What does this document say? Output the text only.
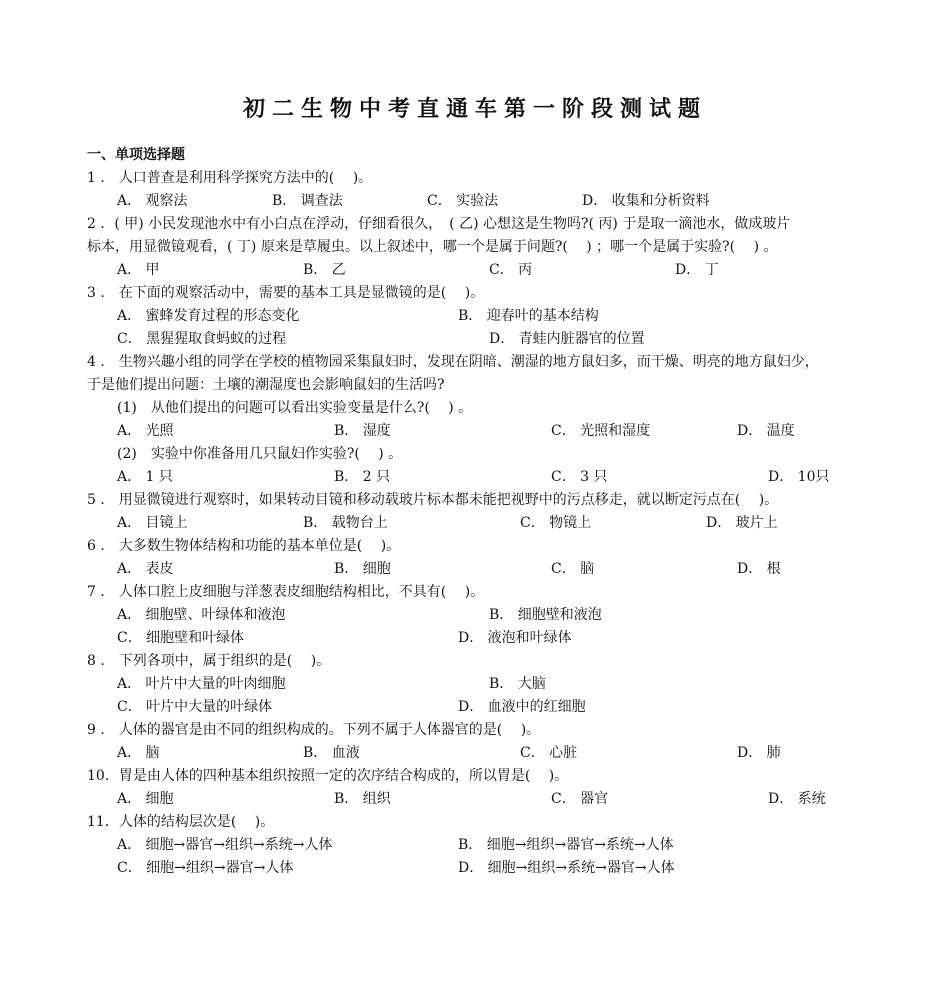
初二生物中考直通车第一阶段测试题
一、单项选择题
1 ． 人口普查是利用科学探究方法中的(　 )。
A． 观察法	B． 调查法	C． 实验法	D． 收集和分析资料
2 ．( 甲) 小民发现池水中有小白点在浮动，仔细看很久，　( 乙) 心想这是生物吗?( 丙) 于是取一滴池水，做成玻片
标本，用显微镜观看，( 丁) 原来是草履虫。以上叙述中，哪一个是属于问题?( 　) ；哪一个是属于实验?( 　) 。
A． 甲	B． 乙	C． 丙	D． 丁
3 ． 在下面的观察活动中，需要的基本工具是显微镜的是(　 )。
A． 蜜蜂发育过程的形态变化	B． 迎春叶的基本结构
C． 黑猩猩取食蚂蚁的过程	D． 青蛙内脏器官的位置
4 ． 生物兴趣小组的同学在学校的植物园采集鼠妇时，发现在阴暗、潮湿的地方鼠妇多，而干燥、明亮的地方鼠妇少，
于是他们提出问题：土壤的潮湿度也会影响鼠妇的生活吗?
(1)　从他们提出的问题可以看出实验变量是什么?( 　) 。
A． 光照	B． 湿度	C． 光照和湿度	D． 温度
(2)　实验中你准备用几只鼠妇作实验?( 　) 。
A． 1 只	B． 2 只	C． 3 只	D． 10只
5 ． 用显微镜进行观察时，如果转动目镜和移动载玻片标本都未能把视野中的污点移走，就以断定污点在(　 )。
A． 目镜上	B． 载物台上	C． 物镜上	D． 玻片上
6 ． 大多数生物体结构和功能的基本单位是(　 )。
A． 表皮	B． 细胞	C． 脑	D． 根
7 ． 人体口腔上皮细胞与洋葱表皮细胞结构相比，不具有(　 )。
A． 细胞壁、叶绿体和液泡	B． 细胞壁和液泡
C． 细胞壁和叶绿体	D． 液泡和叶绿体
8 ． 下列各项中，属于组织的是(　 )。
A． 叶片中大量的叶肉细胞	B． 大脑
C． 叶片中大量的叶绿体	D． 血液中的红细胞
9 ． 人体的器官是由不同的组织构成的。下列不属于人体器官的是(　 )。
A． 脑	B． 血液	C． 心脏	D． 肺
10．胃是由人体的四种基本组织按照一定的次序结合构成的，所以胃是(　 )。
A． 细胞	B． 组织	C． 器官	D． 系统
11．人体的结构层次是(　 )。
A． 细胞→器官→组织→系统→人体	B． 细胞→组织→器官→系统→人体
C． 细胞→组织→器官→人体	D． 细胞→组织→系统→器官→人体
